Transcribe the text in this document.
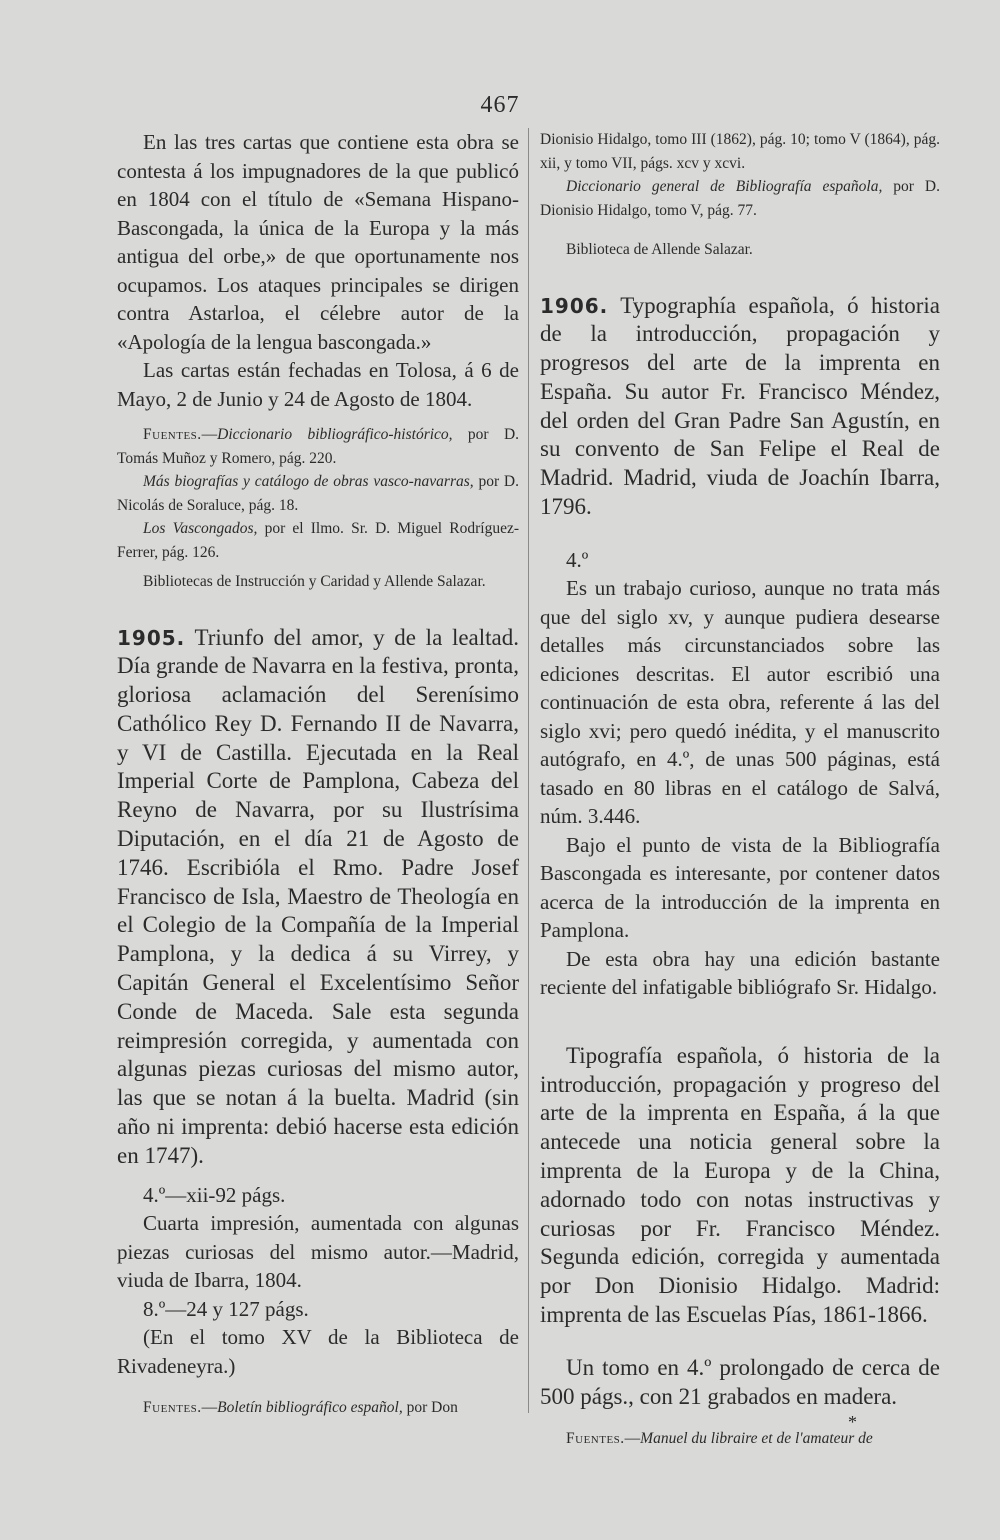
467

En las tres cartas que contiene esta obra se contesta á los impugnadores de la que publicó en 1804 con el título de «Semana Hispano-Bascongada, la única de la Europa y la más antigua del orbe,» de que oportunamente nos ocupamos. Los ataques principales se dirigen contra Astarloa, el célebre autor de la «Apología de la lengua bascongada.»

Las cartas están fechadas en Tolosa, á 6 de Mayo, 2 de Junio y 24 de Agosto de 1804.

Fuentes.—Diccionario bibliográfico-histórico, por D. Tomás Muñoz y Romero, pág. 220.

Más biografías y catálogo de obras vasco-navarras, por D. Nicolás de Soraluce, pág. 18.

Los Vascongados, por el Ilmo. Sr. D. Miguel Rodríguez-Ferrer, pág. 126.

Bibliotecas de Instrucción y Caridad y Allende Salazar.

1905. Triunfo del amor, y de la lealtad. Día grande de Navarra en la festiva, pronta, gloriosa aclamación del Serenísimo Cathólico Rey D. Fernando II de Navarra, y VI de Castilla. Ejecutada en la Real Imperial Corte de Pamplona, Cabeza del Reyno de Navarra, por su Ilustrísima Diputación, en el día 21 de Agosto de 1746. Escribióla el Rmo. Padre Josef Francisco de Isla, Maestro de Theología en el Colegio de la Compañía de la Imperial Pamplona, y la dedica á su Virrey, y Capitán General el Excelentísimo Señor Conde de Maceda. Sale esta segunda reimpresión corregida, y aumentada con algunas piezas curiosas del mismo autor, las que se notan á la buelta. Madrid (sin año ni imprenta: debió hacerse esta edición en 1747).

4.º—xii-92 págs.

Cuarta impresión, aumentada con algunas piezas curiosas del mismo autor.—Madrid, viuda de Ibarra, 1804.

8.º—24 y 127 págs.

(En el tomo XV de la Biblioteca de Rivadeneyra.)

Fuentes.—Boletín bibliográfico español, por Don

Dionisio Hidalgo, tomo III (1862), pág. 10; tomo V (1864), pág. xii, y tomo VII, págs. xcv y xcvi.

Diccionario general de Bibliografía española, por D. Dionisio Hidalgo, tomo V, pág. 77.

Biblioteca de Allende Salazar.

1906. Typographía española, ó historia de la introducción, propagación y progresos del arte de la imprenta en España. Su autor Fr. Francisco Méndez, del orden del Gran Padre San Agustín, en su convento de San Felipe el Real de Madrid. Madrid, viuda de Joachín Ibarra, 1796.

4.º

Es un trabajo curioso, aunque no trata más que del siglo xv, y aunque pudiera desearse detalles más circunstanciados sobre las ediciones descritas. El autor escribió una continuación de esta obra, referente á las del siglo xvi; pero quedó inédita, y el manuscrito autógrafo, en 4.º, de unas 500 páginas, está tasado en 80 libras en el catálogo de Salvá, núm. 3.446.

Bajo el punto de vista de la Bibliografía Bascongada es interesante, por contener datos acerca de la introducción de la imprenta en Pamplona.

De esta obra hay una edición bastante reciente del infatigable bibliógrafo Sr. Hidalgo.

Tipografía española, ó historia de la introducción, propagación y progreso del arte de la imprenta en España, á la que antecede una noticia general sobre la imprenta de la Europa y de la China, adornado todo con notas instructivas y curiosas por Fr. Francisco Méndez. Segunda edición, corregida y aumentada por Don Dionisio Hidalgo. Madrid: imprenta de las Escuelas Pías, 1861-1866.

Un tomo en 4.º prolongado de cerca de 500 págs., con 21 grabados en madera.

Fuentes.—Manuel du libraire et de l'amateur de

*
